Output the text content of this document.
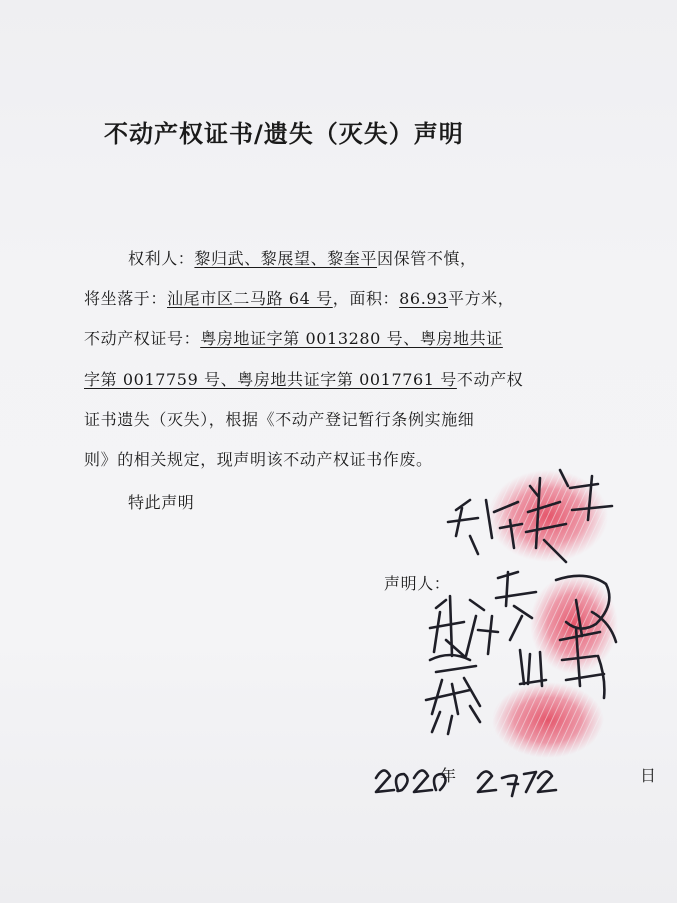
不动产权证书/遗失（灭失）声明
权利人：黎归武、黎展望、黎奎平因保管不慎，
将坐落于：汕尾市区二马路 64 号，面积：86.93平方米，
不动产权证号：粤房地证字第 0013280 号、粤房地共证
字第 0017759 号、粤房地共证字第 0017761 号不动产权
证书遗失（灭失），根据《不动产登记暂行条例实施细
则》的相关规定，现声明该不动产权证书作废。
特此声明
声明人：
年	日
